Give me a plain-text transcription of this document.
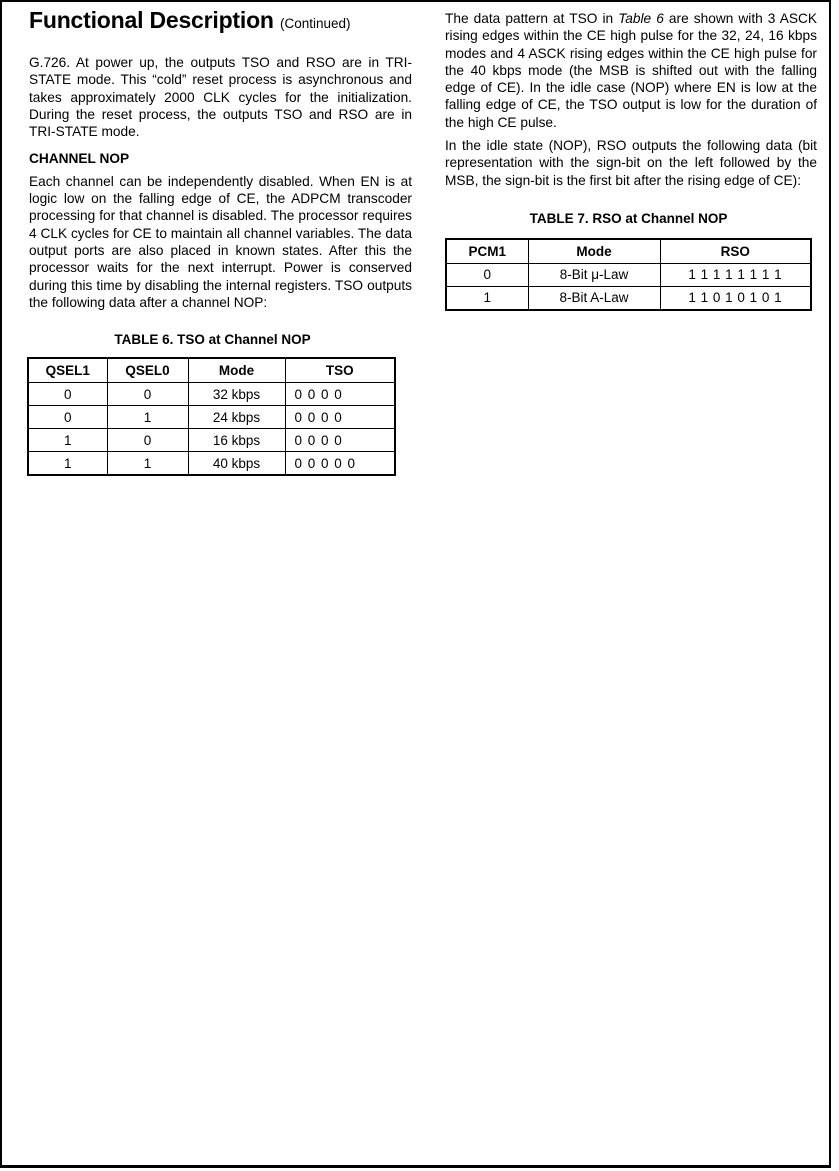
Functional Description (Continued)

G.726. At power up, the outputs TSO and RSO are in TRI-STATE mode. This “cold” reset process is asynchronous and takes approximately 2000 CLK cycles for the initialization. During the reset process, the outputs TSO and RSO are in TRI-STATE mode.

CHANNEL NOP

Each channel can be independently disabled. When EN is at logic low on the falling edge of CE, the ADPCM transcoder processing for that channel is disabled. The processor requires 4 CLK cycles for CE to maintain all channel variables. The data output ports are also placed in known states. After this the processor waits for the next interrupt. Power is conserved during this time by disabling the internal registers. TSO outputs the following data after a channel NOP:

TABLE 6. TSO at Channel NOP
QSEL1	QSEL0	Mode	TSO
0	0	32 kbps	0 0 0 0
0	1	24 kbps	0 0 0 0
1	0	16 kbps	0 0 0 0
1	1	40 kbps	0 0 0 0 0

The data pattern at TSO in Table 6 are shown with 3 ASCK rising edges within the CE high pulse for the 32, 24, 16 kbps modes and 4 ASCK rising edges within the CE high pulse for the 40 kbps mode (the MSB is shifted out with the falling edge of CE). In the idle case (NOP) where EN is low at the falling edge of CE, the TSO output is low for the duration of the high CE pulse.

In the idle state (NOP), RSO outputs the following data (bit representation with the sign-bit on the left followed by the MSB, the sign-bit is the first bit after the rising edge of CE):

TABLE 7. RSO at Channel NOP
PCM1	Mode	RSO
0	8-Bit μ-Law	1 1 1 1 1 1 1 1
1	8-Bit A-Law	1 1 0 1 0 1 0 1
